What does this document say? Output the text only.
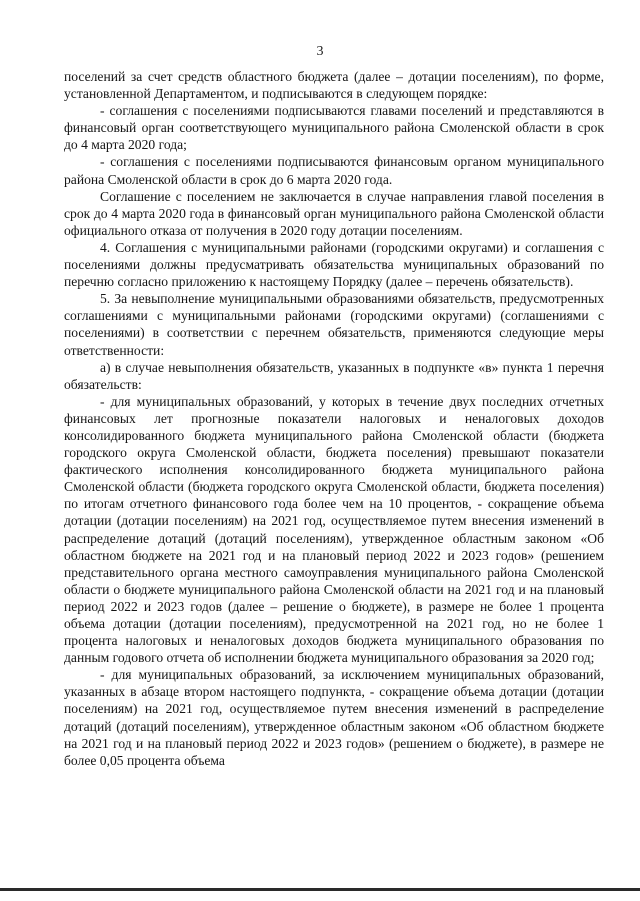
3

поселений за счет средств областного бюджета (далее – дотации поселениям), по форме, установленной Департаментом, и подписываются в следующем порядке:

- соглашения с поселениями подписываются главами поселений и представляются в финансовый орган соответствующего муниципального района Смоленской области в срок до 4 марта 2020 года;

- соглашения с поселениями подписываются финансовым органом муниципального района Смоленской области в срок до 6 марта 2020 года.

Соглашение с поселением не заключается в случае направления главой поселения в срок до 4 марта 2020 года в финансовый орган муниципального района Смоленской области официального отказа от получения в 2020 году дотации поселениям.

4. Соглашения с муниципальными районами (городскими округами) и соглашения с поселениями должны предусматривать обязательства муниципальных образований по перечню согласно приложению к настоящему Порядку (далее – перечень обязательств).

5. За невыполнение муниципальными образованиями обязательств, предусмотренных соглашениями с муниципальными районами (городскими округами) (соглашениями с поселениями) в соответствии с перечнем обязательств, применяются следующие меры ответственности:

а) в случае невыполнения обязательств, указанных в подпункте «в» пункта 1 перечня обязательств:

- для муниципальных образований, у которых в течение двух последних отчетных финансовых лет прогнозные показатели налоговых и неналоговых доходов консолидированного бюджета муниципального района Смоленской области (бюджета городского округа Смоленской области, бюджета поселения) превышают показатели фактического исполнения консолидированного бюджета муниципального района Смоленской области (бюджета городского округа Смоленской области, бюджета поселения) по итогам отчетного финансового года более чем на 10 процентов, - сокращение объема дотации (дотации поселениям) на 2021 год, осуществляемое путем внесения изменений в распределение дотаций (дотаций поселениям), утвержденное областным законом «Об областном бюджете на 2021 год и на плановый период 2022 и 2023 годов» (решением представительного органа местного самоуправления муниципального района Смоленской области о бюджете муниципального района Смоленской области на 2021 год и на плановый период 2022 и 2023 годов (далее – решение о бюджете), в размере не более 1 процента объема дотации (дотации поселениям), предусмотренной на 2021 год, но не более 1 процента налоговых и неналоговых доходов бюджета муниципального образования по данным годового отчета об исполнении бюджета муниципального образования за 2020 год;

- для муниципальных образований, за исключением муниципальных образований, указанных в абзаце втором настоящего подпункта, - сокращение объема дотации (дотации поселениям) на 2021 год, осуществляемое путем внесения изменений в распределение дотаций (дотаций поселениям), утвержденное областным законом «Об областном бюджете на 2021 год и на плановый период 2022 и 2023 годов» (решением о бюджете), в размере не более 0,05 процента объема
